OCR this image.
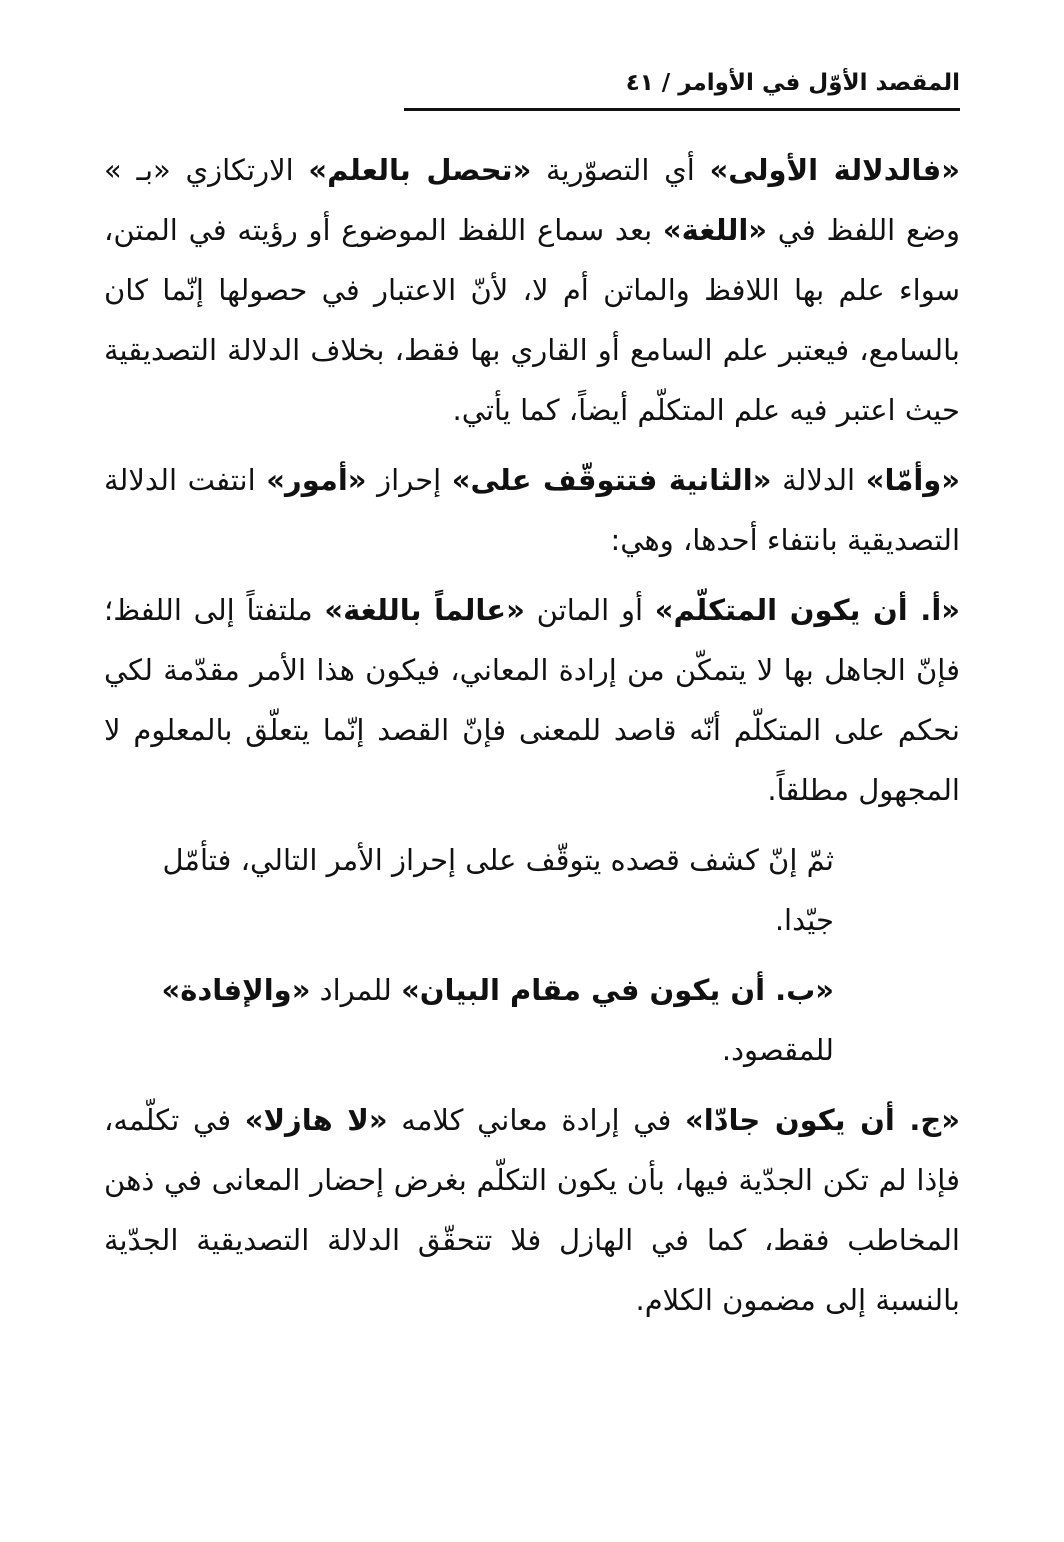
المقصد الأوّل في الأوامر / ٤١

«فالدلالة الأولى» أي التصوّرية «تحصل بالعلم» الارتكازي «بـ » وضع اللفظ في «اللغة» بعد سماع اللفظ الموضوع أو رؤيته في المتن، سواء علم بها اللافظ والماتن أم لا، لأنّ الاعتبار في حصولها إنّما كان بالسامع، فيعتبر علم السامع أو القاري بها فقط، بخلاف الدلالة التصديقية حيث اعتبر فيه علم المتكلّم أيضاً، كما يأتي.

«وأمّا» الدلالة «الثانية فتتوقّف على» إحراز «أمور» انتفت الدلالة التصديقية بانتفاء أحدها، وهي:

«أ. أن يكون المتكلّم» أو الماتن «عالماً باللغة» ملتفتاً إلى اللفظ؛ فإنّ الجاهل بها لا يتمكّن من إرادة المعاني، فيكون هذا الأمر مقدّمة لكي نحكم على المتكلّم أنّه قاصد للمعنى فإنّ القصد إنّما يتعلّق بالمعلوم لا المجهول مطلقاً.

ثمّ إنّ كشف قصده يتوقّف على إحراز الأمر التالي، فتأمّل جيّدا.

«ب. أن يكون في مقام البيان» للمراد «والإفادة» للمقصود.

«ج. أن يكون جادّا» في إرادة معاني كلامه «لا هازلا» في تكلّمه، فإذا لم تكن الجدّية فيها، بأن يكون التكلّم بغرض إحضار المعانى في ذهن المخاطب فقط، كما في الهازل فلا تتحقّق الدلالة التصديقية الجدّية بالنسبة إلى مضمون الكلام.
